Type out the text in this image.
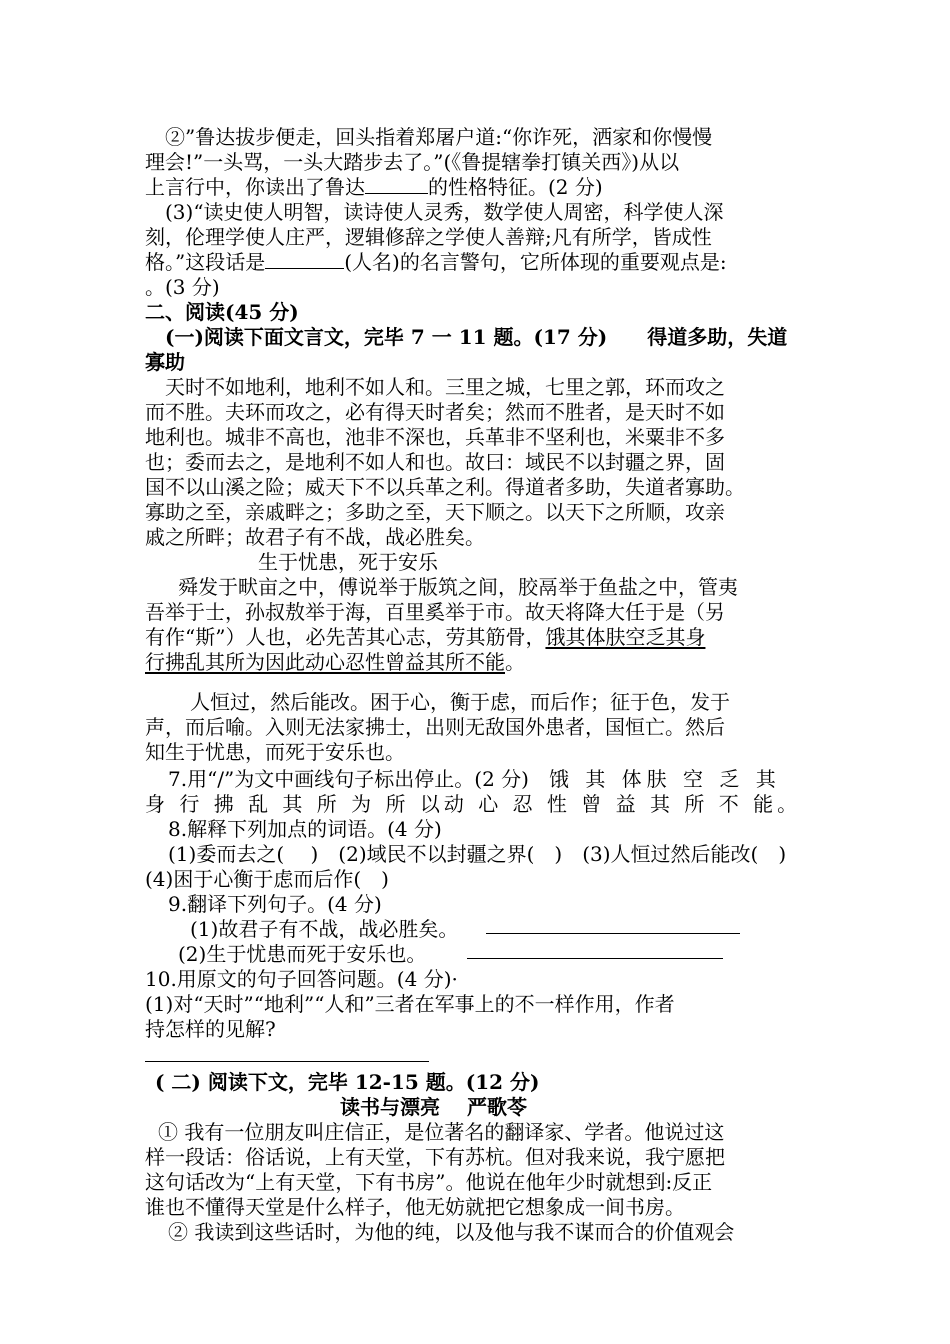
②”鲁达拔步便走，回头指着郑屠户道:“你诈死，洒家和你慢慢
理会!”一头骂，一头大踏步去了。”(《鲁提辖拳打镇关西》)从以
上言行中，你读出了鲁达	的性格特征。(2 分)
(3)“读史使人明智，读诗使人灵秀，数学使人周密，科学使人深
刻，伦理学使人庄严，逻辑修辞之学使人善辩;凡有所学，皆成性
格。”这段话是	(人名)的名言警句，它所体现的重要观点是:
。(3 分)
二、阅读(45 分)
(一)阅读下面文言文，完毕 7 一 11 题。(17 分)　　得道多助，失道
寡助
天时不如地利，地利不如人和。三里之城，七里之郭，环而攻之
而不胜。夫环而攻之，必有得天时者矣；然而不胜者，是天时不如
地利也。城非不高也，池非不深也，兵革非不坚利也，米粟非不多
也；委而去之，是地利不如人和也。故曰：域民不以封疆之界，固
国不以山溪之险；威天下不以兵革之利。得道者多助，失道者寡助。
寡助之至，亲戚畔之；多助之至，天下顺之。以天下之所顺，攻亲
戚之所畔；故君子有不战，战必胜矣。
生于忧患，死于安乐
舜发于畎亩之中，傅说举于版筑之间，胶鬲举于鱼盐之中，管夷
吾举于士，孙叔敖举于海，百里奚举于市。故天将降大任于是（另
有作“斯”）人也，必先苦其心志，劳其筋骨，饿其体肤空乏其身
行拂乱其所为因此动心忍性曾益其所不能。
人恒过，然后能改。困于心，衡于虑，而后作；征于色，发于
声，而后喻。入则无法家拂士，出则无敌国外患者，国恒亡。然后
知生于忧患，而死于安乐也。
7.用“/”为文中画线句子标出停止。(2 分)　饿 其 体肤 空 乏 其
身 行 拂 乱 其 所 为 所 以动 心 忍 性 曾 益 其 所 不 能。
8.解释下列加点的词语。(4 分)
(1)委而去之(　 )　(2)域民不以封疆之界(　)　(3)人恒过然后能改(　)
(4)困于心衡于虑而后作(　)
9.翻译下列句子。(4 分)
(1)故君子有不战，战必胜矣。
(2)生于忧患而死于安乐也。
10.用原文的句子回答问题。(4 分)·
(1)对“天时”“地利”“人和”三者在军事上的不一样作用，作者
持怎样的见解?
( 二) 阅读下文，完毕 12-15 题。(12 分)
读书与漂亮　 严歌苓
① 我有一位朋友叫庄信正，是位著名的翻译家、学者。他说过这
样一段话：俗话说，上有天堂，下有苏杭。但对我来说，我宁愿把
这句话改为“上有天堂，下有书房”。他说在他年少时就想到:反正
谁也不懂得天堂是什么样子，他无妨就把它想象成一间书房。
② 我读到这些话时，为他的纯，以及他与我不谋而合的价值观会
